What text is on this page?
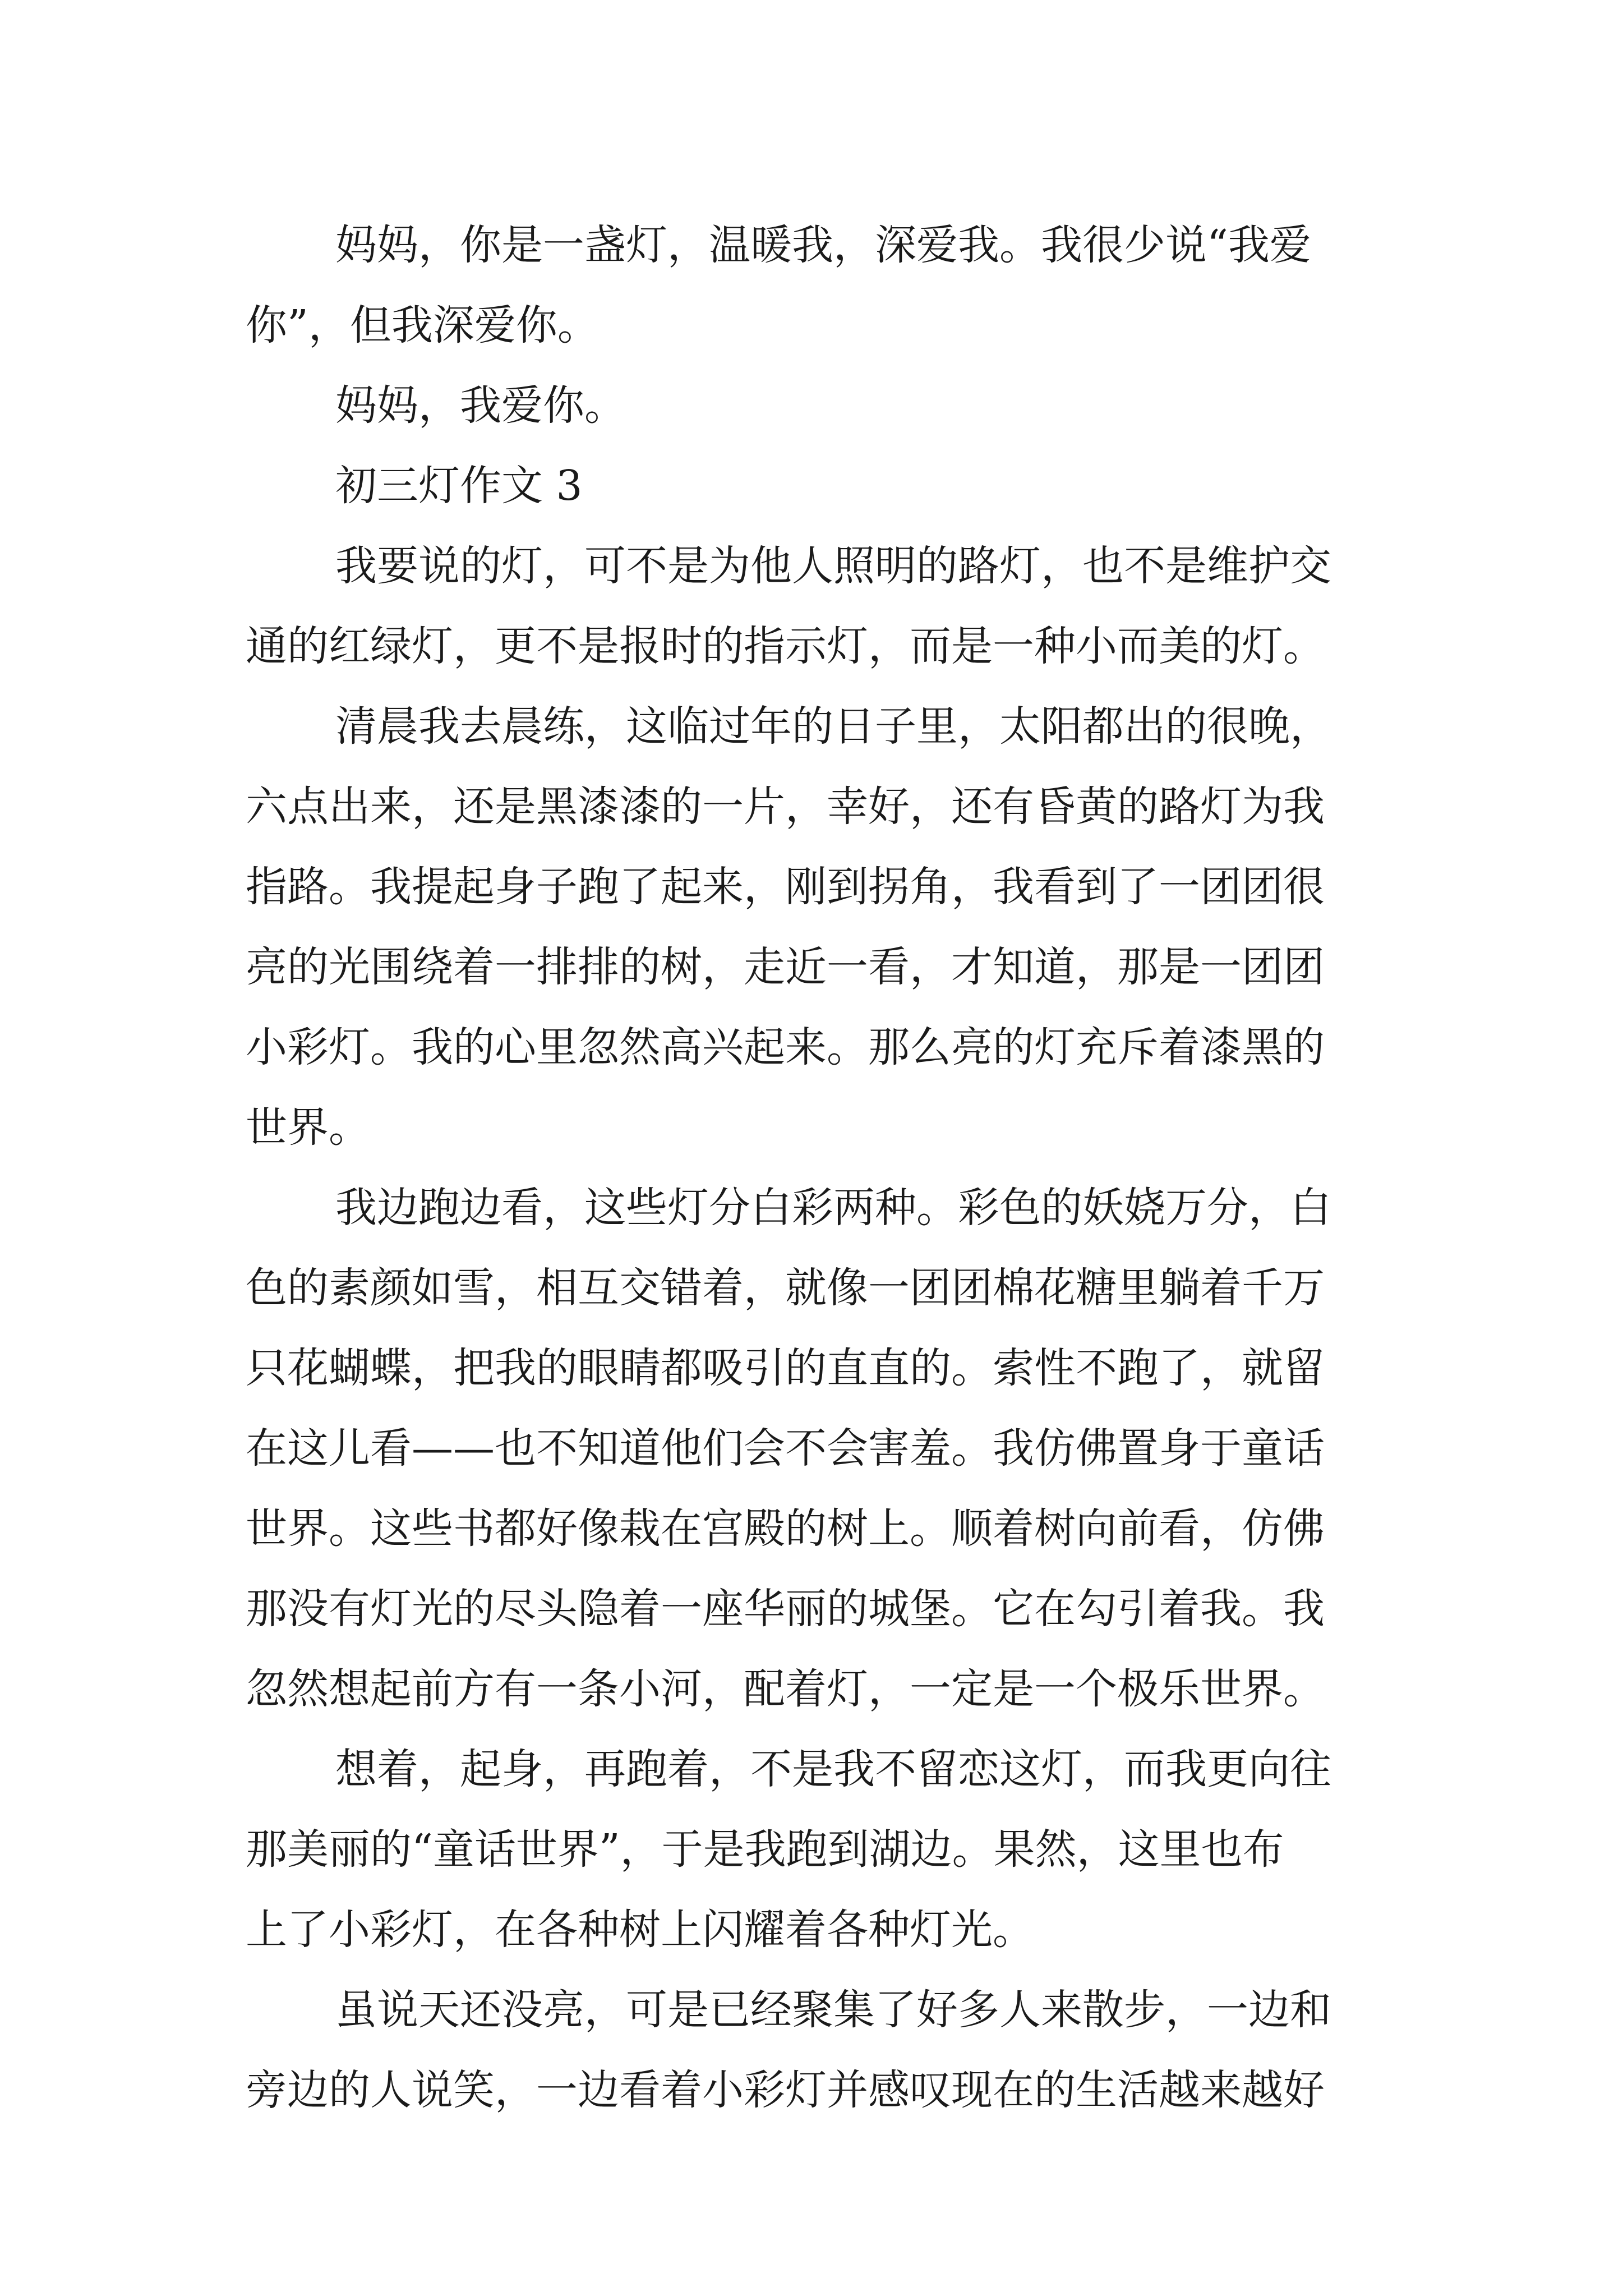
妈妈，你是一盏灯，温暖我，深爱我。我很少说“我爱
你”，但我深爱你。
妈妈，我爱你。
初三灯作文 3
我要说的灯，可不是为他人照明的路灯，也不是维护交
通的红绿灯，更不是报时的指示灯，而是一种小而美的灯。
清晨我去晨练，这临过年的日子里，太阳都出的很晚，
六点出来，还是黑漆漆的一片，幸好，还有昏黄的路灯为我
指路。我提起身子跑了起来，刚到拐角，我看到了一团团很
亮的光围绕着一排排的树，走近一看，才知道，那是一团团
小彩灯。我的心里忽然高兴起来。那么亮的灯充斥着漆黑的
世界。
我边跑边看，这些灯分白彩两种。彩色的妖娆万分，白
色的素颜如雪，相互交错着，就像一团团棉花糖里躺着千万
只花蝴蝶，把我的眼睛都吸引的直直的。索性不跑了，就留
在这儿看——也不知道他们会不会害羞。我仿佛置身于童话
世界。这些书都好像栽在宫殿的树上。顺着树向前看，仿佛
那没有灯光的尽头隐着一座华丽的城堡。它在勾引着我。我
忽然想起前方有一条小河，配着灯，一定是一个极乐世界。
想着，起身，再跑着，不是我不留恋这灯，而我更向往
那美丽的“童话世界”，于是我跑到湖边。果然，这里也布
上了小彩灯，在各种树上闪耀着各种灯光。
虽说天还没亮，可是已经聚集了好多人来散步，一边和
旁边的人说笑，一边看着小彩灯并感叹现在的生活越来越好
